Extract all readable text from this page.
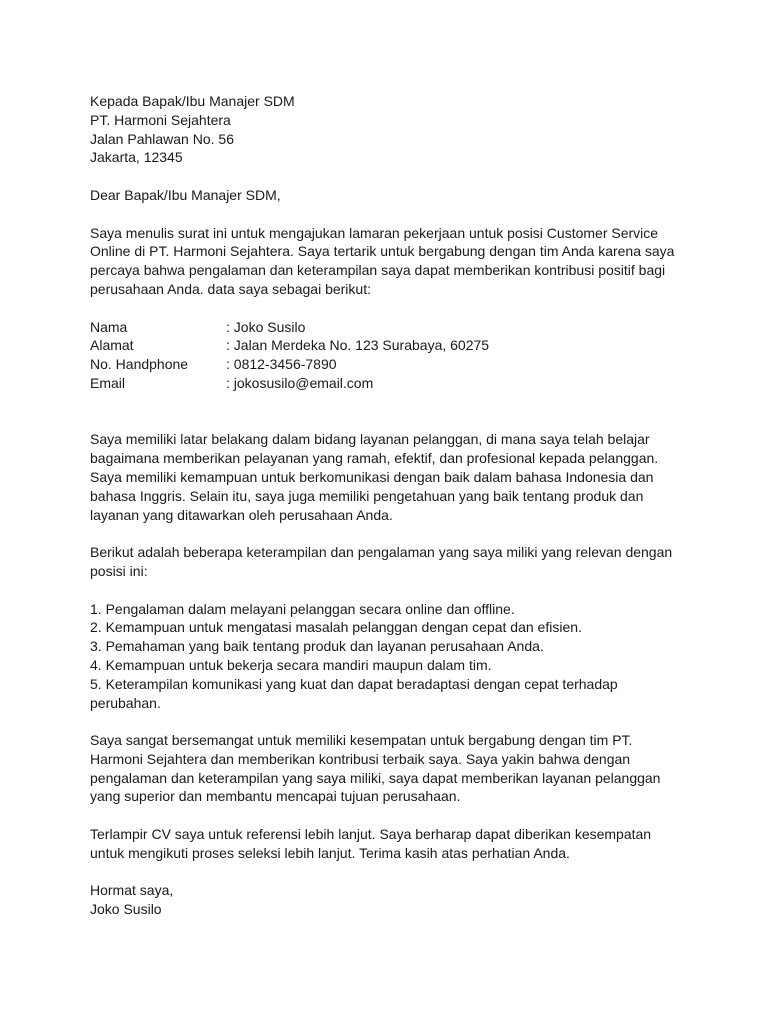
Kepada Bapak/Ibu Manajer SDM
PT. Harmoni Sejahtera
Jalan Pahlawan No. 56
Jakarta, 12345
Dear Bapak/Ibu Manajer SDM,
Saya menulis surat ini untuk mengajukan lamaran pekerjaan untuk posisi Customer Service
Online di PT. Harmoni Sejahtera. Saya tertarik untuk bergabung dengan tim Anda karena saya
percaya bahwa pengalaman dan keterampilan saya dapat memberikan kontribusi positif bagi
perusahaan Anda. data saya sebagai berikut:
Nama	: Joko Susilo
Alamat	: Jalan Merdeka No. 123 Surabaya, 60275
No. Handphone	: 0812-3456-7890
Email	: jokosusilo@email.com
Saya memiliki latar belakang dalam bidang layanan pelanggan, di mana saya telah belajar
bagaimana memberikan pelayanan yang ramah, efektif, dan profesional kepada pelanggan.
Saya memiliki kemampuan untuk berkomunikasi dengan baik dalam bahasa Indonesia dan
bahasa Inggris. Selain itu, saya juga memiliki pengetahuan yang baik tentang produk dan
layanan yang ditawarkan oleh perusahaan Anda.
Berikut adalah beberapa keterampilan dan pengalaman yang saya miliki yang relevan dengan
posisi ini:
1. Pengalaman dalam melayani pelanggan secara online dan offline.
2. Kemampuan untuk mengatasi masalah pelanggan dengan cepat dan efisien.
3. Pemahaman yang baik tentang produk dan layanan perusahaan Anda.
4. Kemampuan untuk bekerja secara mandiri maupun dalam tim.
5. Keterampilan komunikasi yang kuat dan dapat beradaptasi dengan cepat terhadap
perubahan.
Saya sangat bersemangat untuk memiliki kesempatan untuk bergabung dengan tim PT.
Harmoni Sejahtera dan memberikan kontribusi terbaik saya. Saya yakin bahwa dengan
pengalaman dan keterampilan yang saya miliki, saya dapat memberikan layanan pelanggan
yang superior dan membantu mencapai tujuan perusahaan.
Terlampir CV saya untuk referensi lebih lanjut. Saya berharap dapat diberikan kesempatan
untuk mengikuti proses seleksi lebih lanjut. Terima kasih atas perhatian Anda.
Hormat saya,
Joko Susilo
